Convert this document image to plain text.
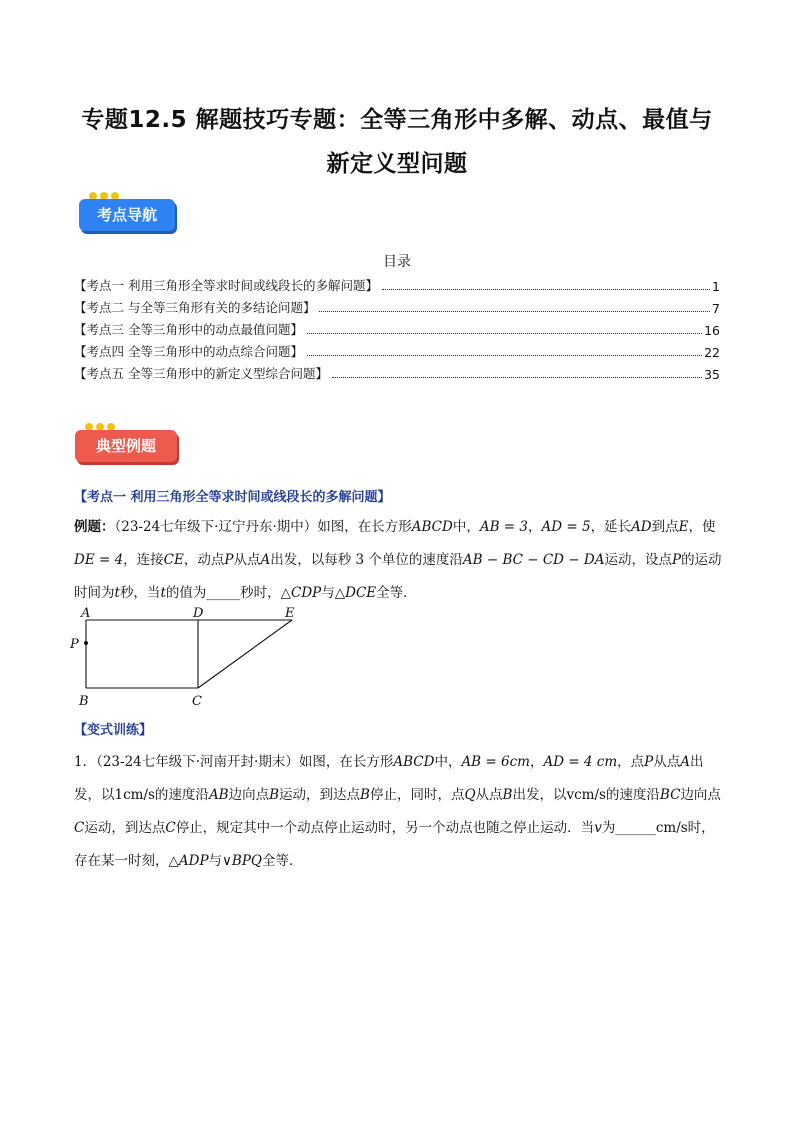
专题12.5 解题技巧专题：全等三角形中多解、动点、最值与
新定义型问题
考点导航
目录
【考点一 利用三角形全等求时间或线段长的多解问题】	1
【考点二 与全等三角形有关的多结论问题】	7
【考点三 全等三角形中的动点最值问题】	16
【考点四 全等三角形中的动点综合问题】	22
【考点五 全等三角形中的新定义型综合问题】	35
典型例题
【考点一 利用三角形全等求时间或线段长的多解问题】
例题：（23-24七年级下·辽宁丹东·期中）如图，在长方形ABCD中，AB = 3，AD = 5，延长AD到点E，使DE = 4，连接CE，动点P从点A出发，以每秒 3 个单位的速度沿AB − BC − CD − DA运动，设点P的运动时间为t秒，当t的值为_____秒时，△CDP与△DCE全等．
A	D	E
P
B	C
【变式训练】
1．（23-24七年级下·河南开封·期末）如图，在长方形ABCD中，AB = 6cm，AD = 4 cm，点P从点A出发，以1cm/s的速度沿AB边向点B运动，到达点B停止，同时，点Q从点B出发，以vcm/s的速度沿BC边向点C运动，到达点C停止，规定其中一个动点停止运动时，另一个动点也随之停止运动．当v为______cm/s时，存在某一时刻，△ADP与∨BPQ全等．
